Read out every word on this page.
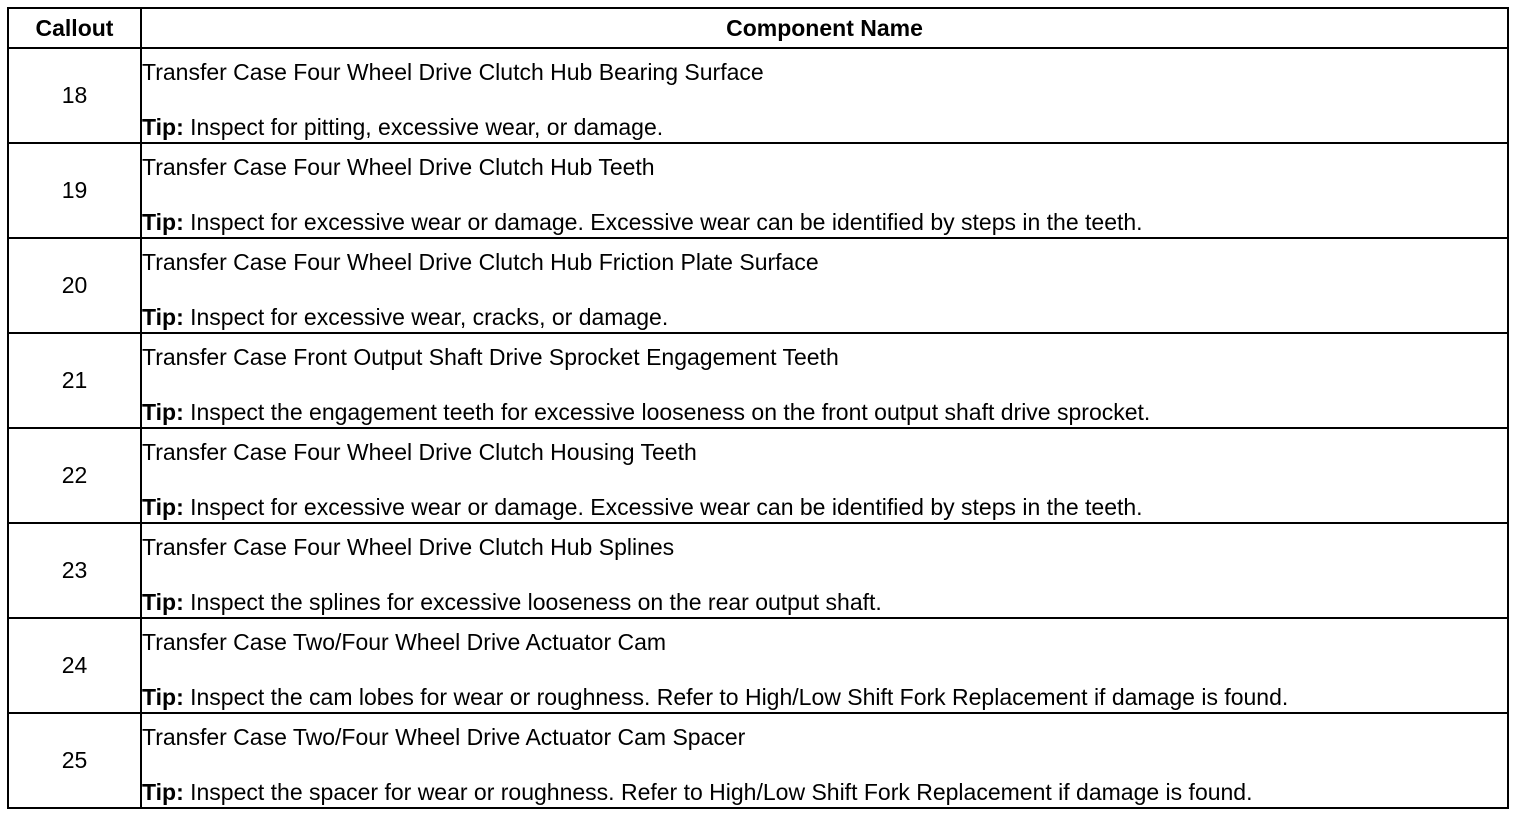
Callout	Component Name
18	Transfer Case Four Wheel Drive Clutch Hub Bearing Surface
Tip: Inspect for pitting, excessive wear, or damage.

19	Transfer Case Four Wheel Drive Clutch Hub Teeth
Tip: Inspect for excessive wear or damage. Excessive wear can be identified by steps in the teeth.

20	Transfer Case Four Wheel Drive Clutch Hub Friction Plate Surface
Tip: Inspect for excessive wear, cracks, or damage.

21	Transfer Case Front Output Shaft Drive Sprocket Engagement Teeth
Tip: Inspect the engagement teeth for excessive looseness on the front output shaft drive sprocket.

22	Transfer Case Four Wheel Drive Clutch Housing Teeth
Tip: Inspect for excessive wear or damage. Excessive wear can be identified by steps in the teeth.

23	Transfer Case Four Wheel Drive Clutch Hub Splines
Tip: Inspect the splines for excessive looseness on the rear output shaft.

24	Transfer Case Two/Four Wheel Drive Actuator Cam
Tip: Inspect the cam lobes for wear or roughness. Refer to High/Low Shift Fork Replacement if damage is found.

25	Transfer Case Two/Four Wheel Drive Actuator Cam Spacer
Tip: Inspect the spacer for wear or roughness. Refer to High/Low Shift Fork Replacement if damage is found.
